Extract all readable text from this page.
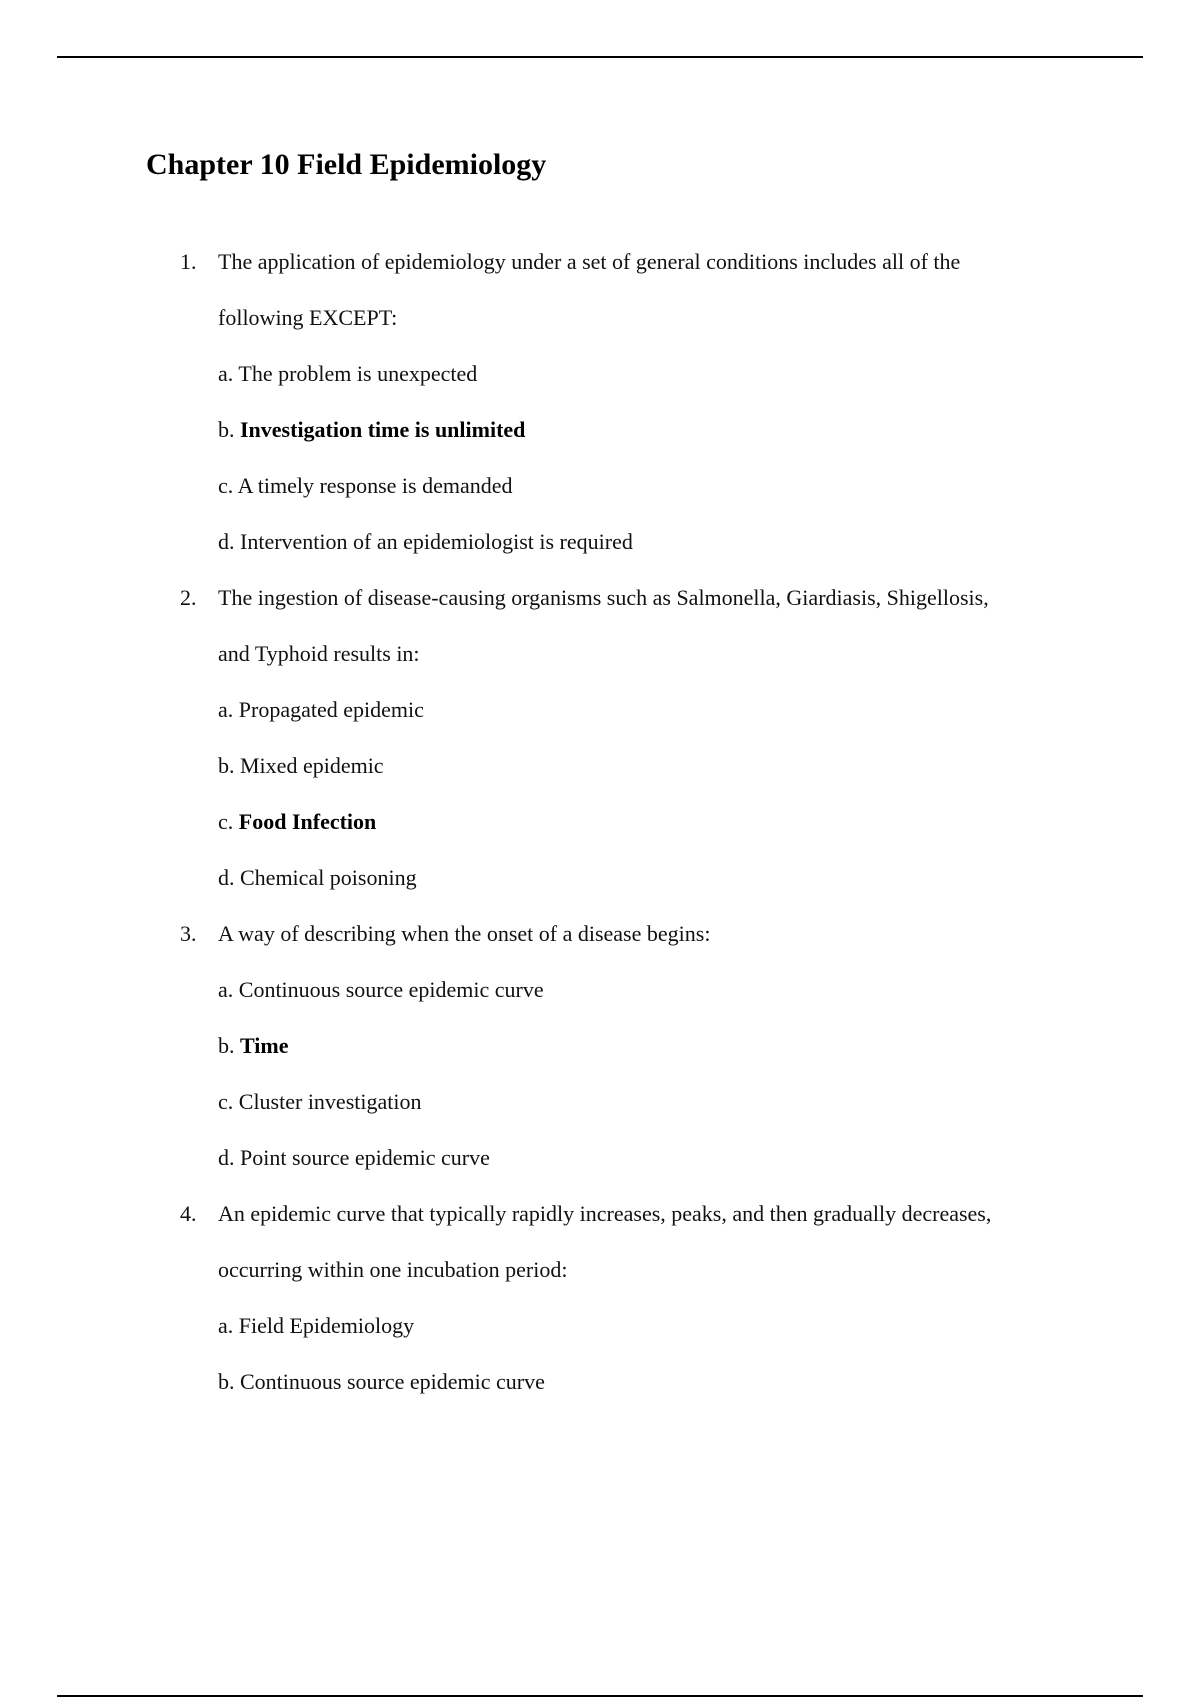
Chapter 10 Field Epidemiology
1. The application of epidemiology under a set of general conditions includes all of the
following EXCEPT:
a. The problem is unexpected
b. Investigation time is unlimited
c. A timely response is demanded
d. Intervention of an epidemiologist is required
2. The ingestion of disease-causing organisms such as Salmonella, Giardiasis, Shigellosis,
and Typhoid results in:
a. Propagated epidemic
b. Mixed epidemic
c. Food Infection
d. Chemical poisoning
3. A way of describing when the onset of a disease begins:
a. Continuous source epidemic curve
b. Time
c. Cluster investigation
d. Point source epidemic curve
4. An epidemic curve that typically rapidly increases, peaks, and then gradually decreases,
occurring within one incubation period:
a. Field Epidemiology
b. Continuous source epidemic curve
